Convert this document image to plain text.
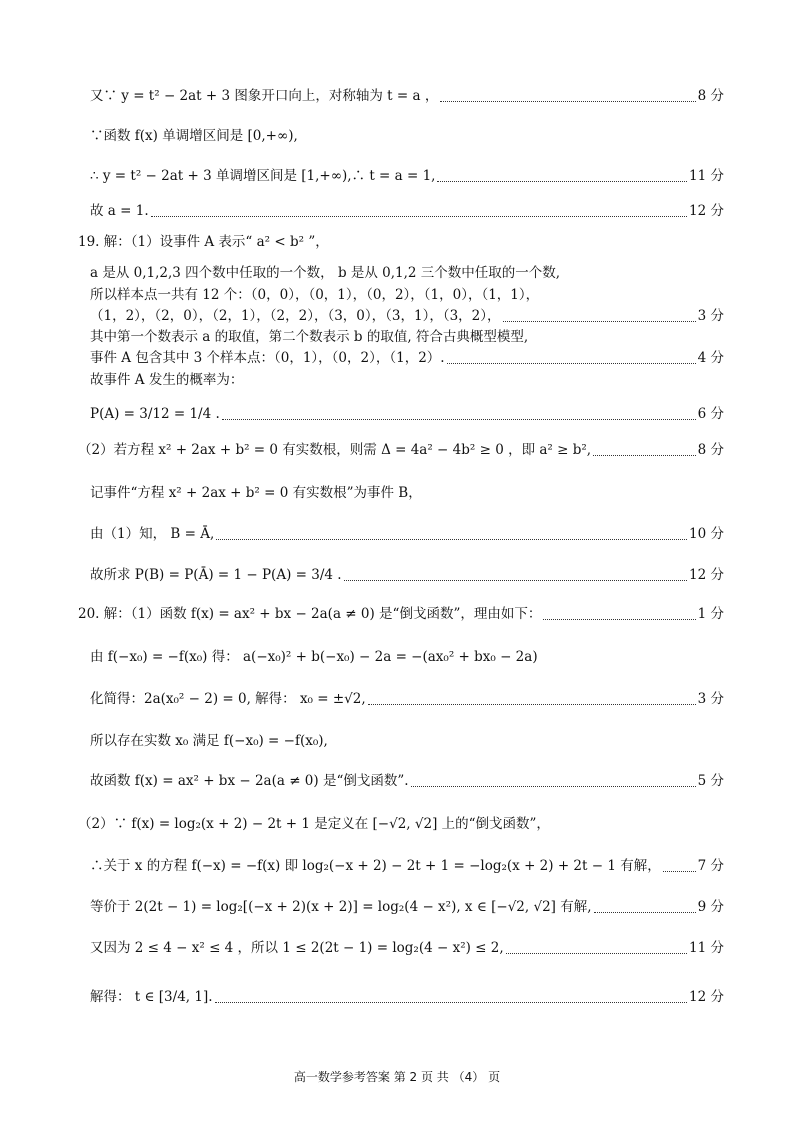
又∵ y = t² − 2at + 3 图象开口向上，对称轴为 t = a ，	8 分
∵函数 f(x) 单调增区间是 [0,+∞),
∴ y = t² − 2at + 3 单调增区间是 [1,+∞),∴ t = a = 1,	11 分
故 a = 1.	12 分
19. 解：（1）设事件 A 表示“ a² < b² ”，
a 是从 0,1,2,3 四个数中任取的一个数， b 是从 0,1,2 三个数中任取的一个数,
所以样本点一共有 12 个：（0，0），（0，1），（0，2），（1，0），（1，1），
（1，2），（2，0），（2，1），（2，2），（3，0），（3，1），（3，2），	3 分
其中第一个数表示 a 的取值，第二个数表示 b 的取值, 符合古典概型模型,
事件 A 包含其中 3 个样本点：（0，1），（0，2），（1，2）.	4 分
故事件 A 发生的概率为：
P(A) = 3/12 = 1/4 .	6 分
（2）若方程 x² + 2ax + b² = 0 有实数根，则需 Δ = 4a² − 4b² ≥ 0 ，即 a² ≥ b²,	8 分
记事件“方程 x² + 2ax + b² = 0 有实数根”为事件 B，
由（1）知， B = Ā,	10 分
故所求 P(B) = P(Ā) = 1 − P(A) = 3/4 .	12 分
20. 解：（1）函数 f(x) = ax² + bx − 2a(a ≠ 0) 是“倒戈函数”，理由如下：	1 分
由 f(−x₀) = −f(x₀) 得： a(−x₀)² + b(−x₀) − 2a = −(ax₀² + bx₀ − 2a)
化简得：2a(x₀² − 2) = 0, 解得： x₀ = ±√2,	3 分
所以存在实数 x₀ 满足 f(−x₀) = −f(x₀),
故函数 f(x) = ax² + bx − 2a(a ≠ 0) 是“倒戈函数”.	5 分
（2）∵ f(x) = log₂(x + 2) − 2t + 1 是定义在 [−√2, √2] 上的“倒戈函数”，
∴关于 x 的方程 f(−x) = −f(x) 即 log₂(−x + 2) − 2t + 1 = −log₂(x + 2) + 2t − 1 有解，	7 分
等价于 2(2t − 1) = log₂[(−x + 2)(x + 2)] = log₂(4 − x²), x ∈ [−√2, √2] 有解,	9 分
又因为 2 ≤ 4 − x² ≤ 4 ，所以 1 ≤ 2(2t − 1) = log₂(4 − x²) ≤ 2,	11 分
解得： t ∈ [3/4, 1].	12 分
高一数学参考答案 第 2 页 共 （4） 页
